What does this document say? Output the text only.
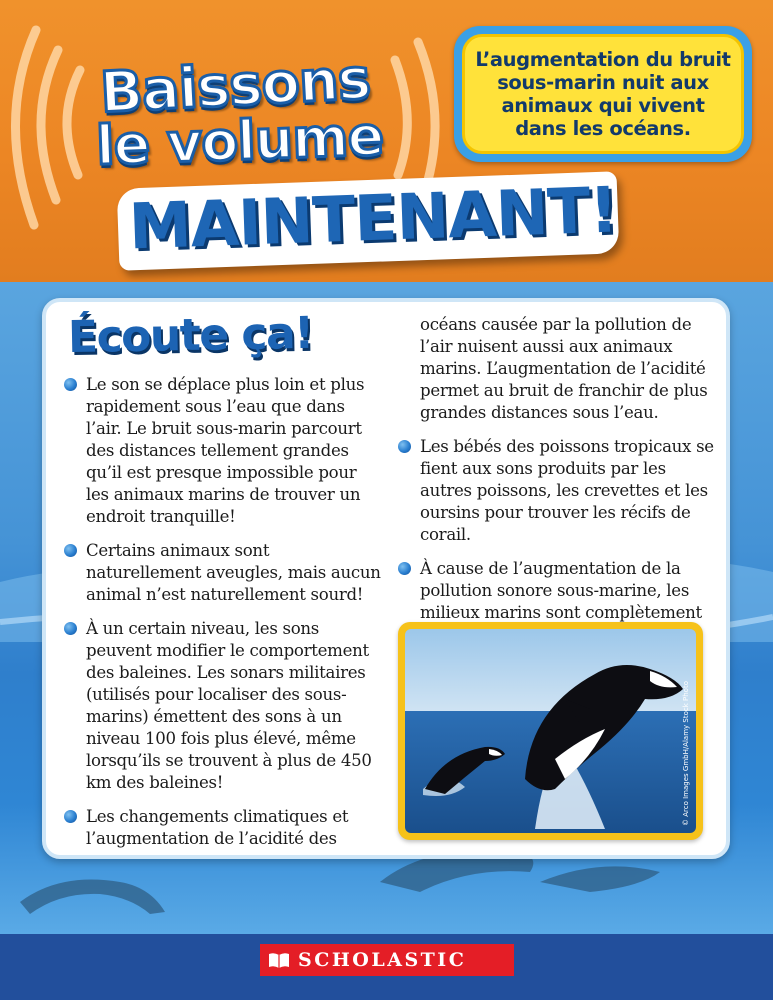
Baissons
le volume
MAINTENANT!
L’augmentation du bruit sous-marin nuit aux animaux qui vivent dans les océans.
Écoute ça!
Le son se déplace plus loin et plus rapidement sous l’eau que dans l’air. Le bruit sous-marin parcourt des distances tellement grandes qu’il est presque impossible pour les animaux marins de trouver un endroit tranquille!
Certains animaux sont naturellement aveugles, mais aucun animal n’est naturellement sourd!
À un certain niveau, les sons peuvent modifier le comportement des baleines. Les sonars militaires (utilisés pour localiser des sous-marins) émettent des sons à un niveau 100 fois plus élevé, même lorsqu’ils se trouvent à plus de 450 km des baleines!
Les changements climatiques et l’augmentation de l’acidité des
océans causée par la pollution de l’air nuisent aussi aux animaux marins. L’augmentation de l’acidité permet au bruit de franchir de plus grandes distances sous l’eau.
Les bébés des poissons tropicaux se fient aux sons produits par les autres poissons, les crevettes et les oursins pour trouver les récifs de corail.
À cause de l’augmentation de la pollution sonore sous-marine, les milieux marins sont complètement
© Arco Images GmbH/Alamy Stock Photo
SCHOLASTIC
